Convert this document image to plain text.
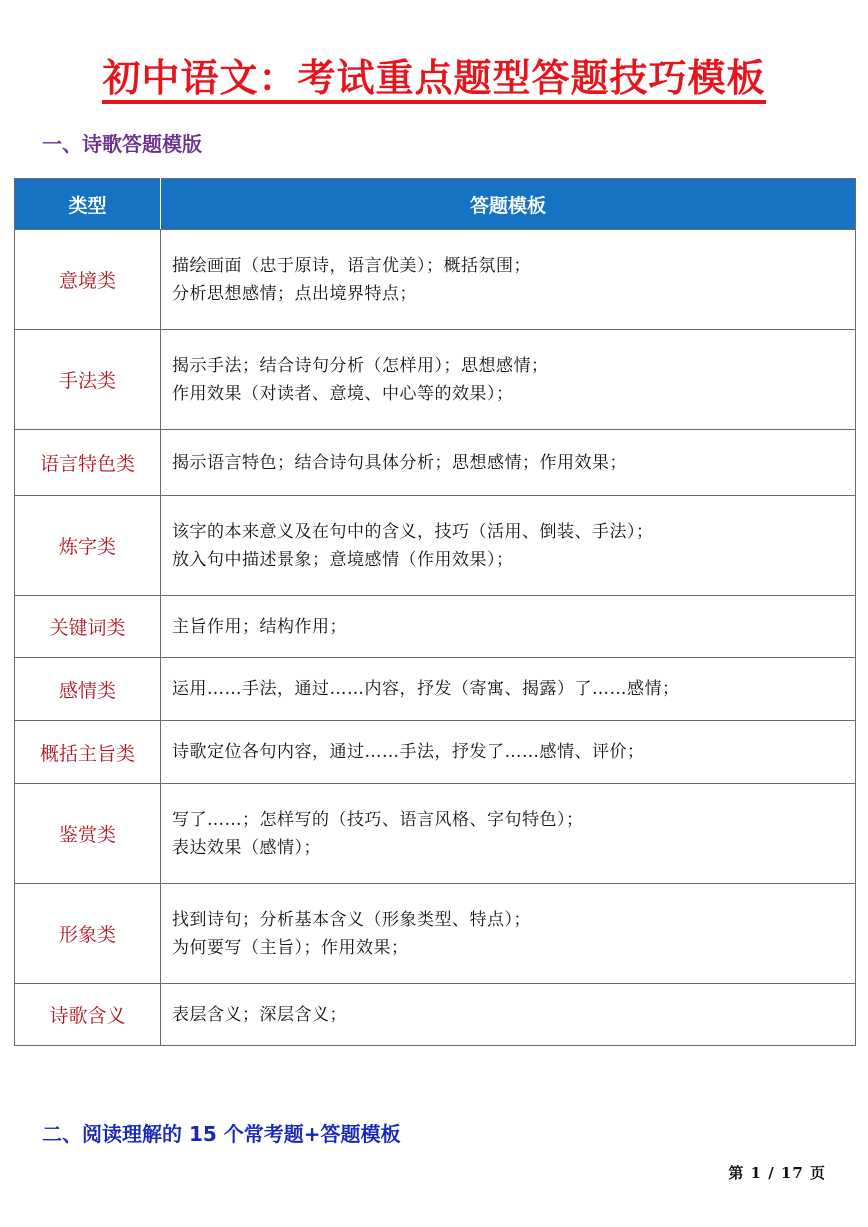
初中语文：考试重点题型答题技巧模板
一、诗歌答题模版
类型	答题模板
意境类	描绘画面（忠于原诗，语言优美）；概括氛围；
分析思想感情；点出境界特点；

手法类	揭示手法；结合诗句分析（怎样用）；思想感情；
作用效果（对读者、意境、中心等的效果）；

语言特色类	揭示语言特色；结合诗句具体分析；思想感情；作用效果；

炼字类	该字的本来意义及在句中的含义，技巧（活用、倒装、手法）；
放入句中描述景象；意境感情（作用效果）；

关键词类	主旨作用；结构作用；

感情类	运用……手法，通过……内容，抒发（寄寓、揭露）了……感情；

概括主旨类	诗歌定位各句内容，通过……手法，抒发了……感情、评价；

鉴赏类	写了……；怎样写的（技巧、语言风格、字句特色）；
表达效果（感情）；

形象类	找到诗句；分析基本含义（形象类型、特点）；
为何要写（主旨）；作用效果；

诗歌含义	表层含义；深层含义；
二、阅读理解的 15 个常考题+答题模板
第 1 / 17 页
